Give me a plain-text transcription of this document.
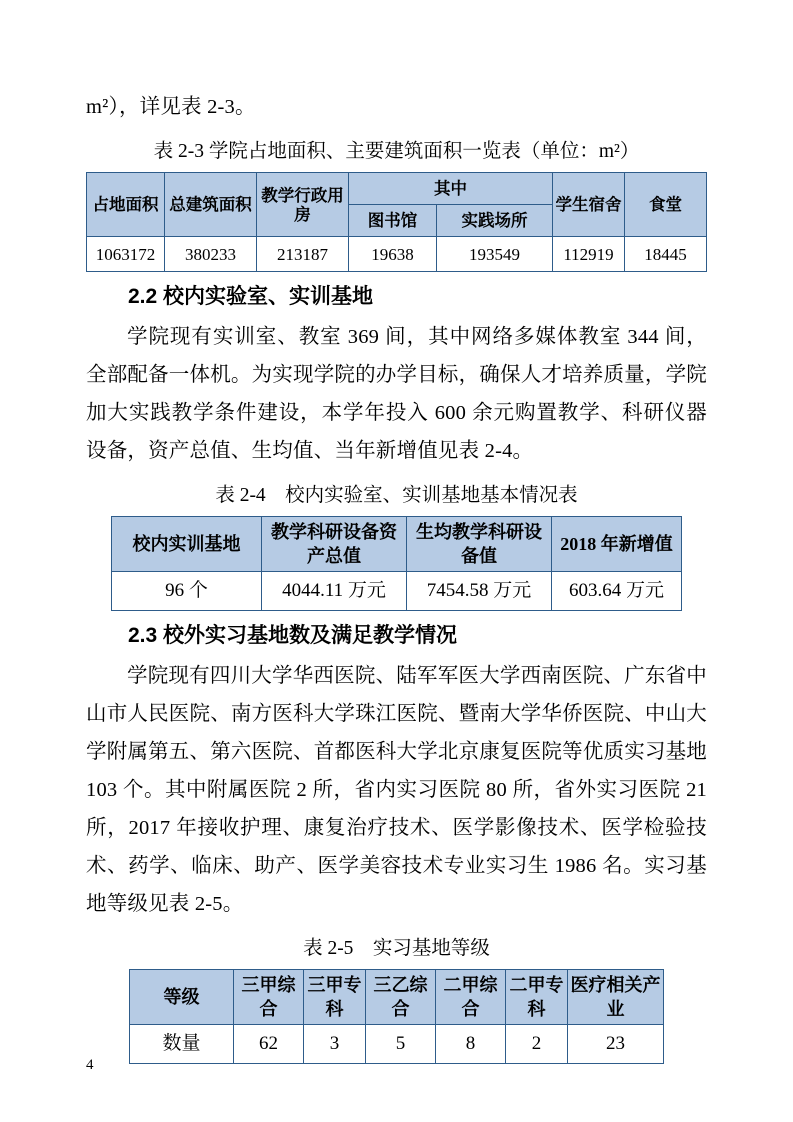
m²），详见表 2-3。

表 2-3 学院占地面积、主要建筑面积一览表（单位：m²）
占地面积	总建筑面积	教学行政用房	其中		学生宿舍	食堂
			图书馆	实践场所		
1063172	380233	213187	19638	193549	112919	18445
2.2 校内实验室、实训基地

学院现有实训室、教室 369 间，其中网络多媒体教室 344 间，全部配备一体机。为实现学院的办学目标，确保人才培养质量，学院加大实践教学条件建设，本学年投入 600 余元购置教学、科研仪器设备，资产总值、生均值、当年新增值见表 2-4。

表 2-4　校内实验室、实训基地基本情况表
校内实训基地	教学科研设备资产总值	生均教学科研设备值	2018 年新增值
96 个	4044.11 万元	7454.58 万元	603.64 万元
2.3 校外实习基地数及满足教学情况

学院现有四川大学华西医院、陆军军医大学西南医院、广东省中山市人民医院、南方医科大学珠江医院、暨南大学华侨医院、中山大学附属第五、第六医院、首都医科大学北京康复医院等优质实习基地 103 个。其中附属医院 2 所，省内实习医院 80 所，省外实习医院 21 所，2017 年接收护理、康复治疗技术、医学影像技术、医学检验技术、药学、临床、助产、医学美容技术专业实习生 1986 名。实习基地等级见表 2-5。

表 2-5　实习基地等级
等级	三甲综合	三甲专科	三乙综合	二甲综合	二甲专科	医疗相关产业
数量	62	3	5	8	2	23
4
